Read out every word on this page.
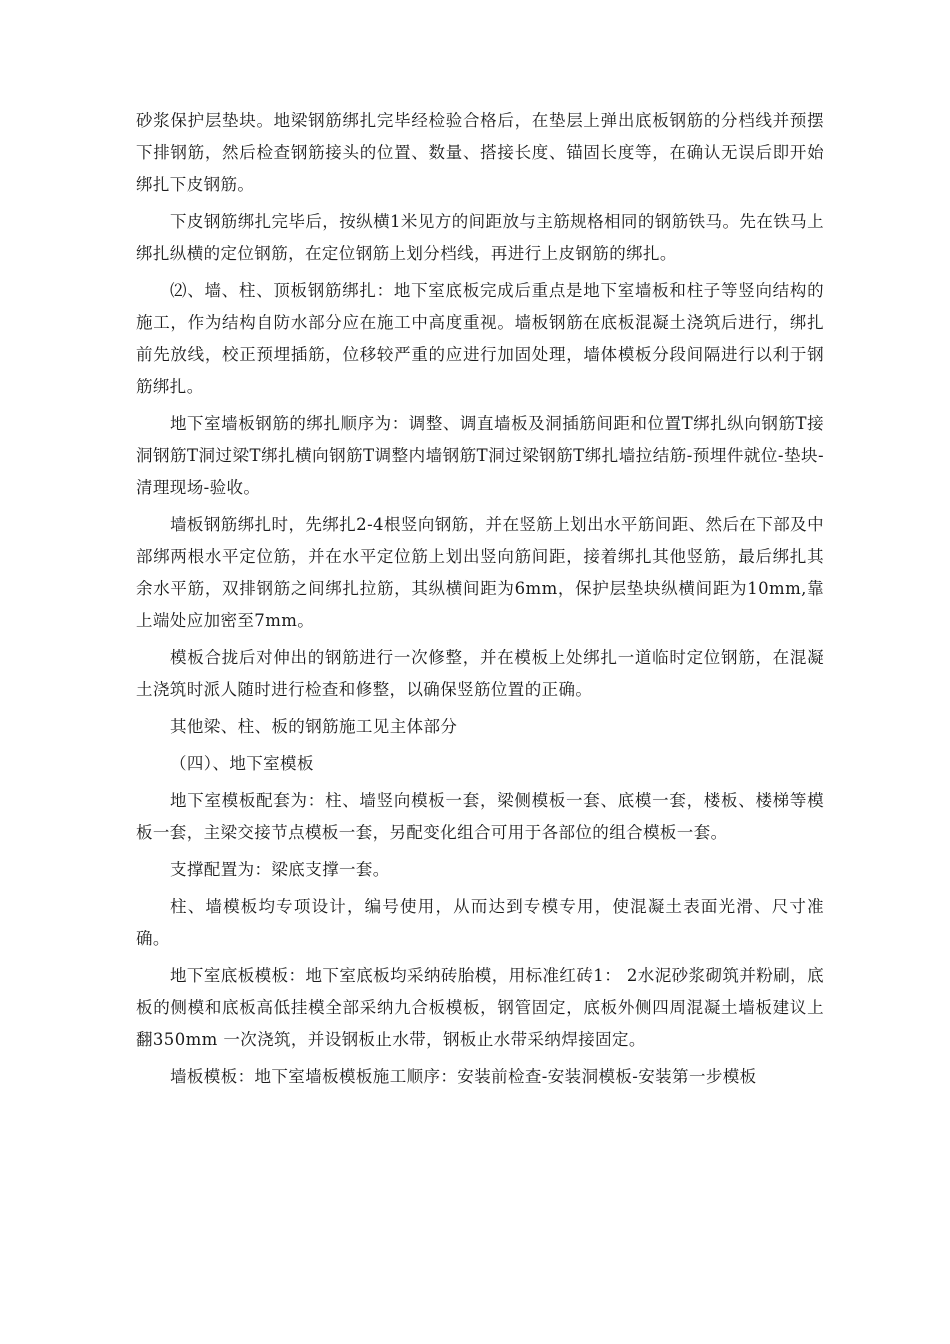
砂浆保护层垫块。地梁钢筋绑扎完毕经检验合格后，在垫层上弹出底板钢筋的分档线并预摆下排钢筋，然后检查钢筋接头的位置、数量、搭接长度、锚固长度等，在确认无误后即开始绑扎下皮钢筋。

下皮钢筋绑扎完毕后，按纵横1米见方的间距放与主筋规格相同的钢筋铁马。先在铁马上绑扎纵横的定位钢筋，在定位钢筋上划分档线，再进行上皮钢筋的绑扎。

⑵、墙、柱、顶板钢筋绑扎：地下室底板完成后重点是地下室墙板和柱子等竖向结构的施工，作为结构自防水部分应在施工中高度重视。墙板钢筋在底板混凝土浇筑后进行，绑扎前先放线，校正预埋插筋，位移较严重的应进行加固处理，墙体模板分段间隔进行以利于钢筋绑扎。

地下室墙板钢筋的绑扎顺序为：调整、调直墙板及洞插筋间距和位置T绑扎纵向钢筋T接洞钢筋T洞过梁T绑扎横向钢筋T调整内墙钢筋T洞过梁钢筋T绑扎墙拉结筋-预埋件就位-垫块-清理现场-验收。

墙板钢筋绑扎时，先绑扎2-4根竖向钢筋，并在竖筋上划出水平筋间距、然后在下部及中部绑两根水平定位筋，并在水平定位筋上划出竖向筋间距，接着绑扎其他竖筋，最后绑扎其余水平筋，双排钢筋之间绑扎拉筋，其纵横间距为6mm，保护层垫块纵横间距为10mm,靠上端处应加密至7mm。

模板合拢后对伸出的钢筋进行一次修整，并在模板上处绑扎一道临时定位钢筋，在混凝土浇筑时派人随时进行检查和修整，以确保竖筋位置的正确。

其他梁、柱、板的钢筋施工见主体部分

（四）、地下室模板

地下室模板配套为：柱、墙竖向模板一套，梁侧模板一套、底模一套，楼板、楼梯等模板一套，主梁交接节点模板一套，另配变化组合可用于各部位的组合模板一套。

支撑配置为：梁底支撑一套。

柱、墙模板均专项设计，编号使用，从而达到专模专用，使混凝土表面光滑、尺寸准确。

地下室底板模板：地下室底板均采纳砖胎模，用标准红砖1： 2水泥砂浆砌筑并粉刷，底板的侧模和底板高低挂模全部采纳九合板模板，钢管固定，底板外侧四周混凝土墙板建议上翻350mm 一次浇筑，并设钢板止水带，钢板止水带采纳焊接固定。

墙板模板：地下室墙板模板施工顺序：安装前检查-安装洞模板-安装第一步模板
